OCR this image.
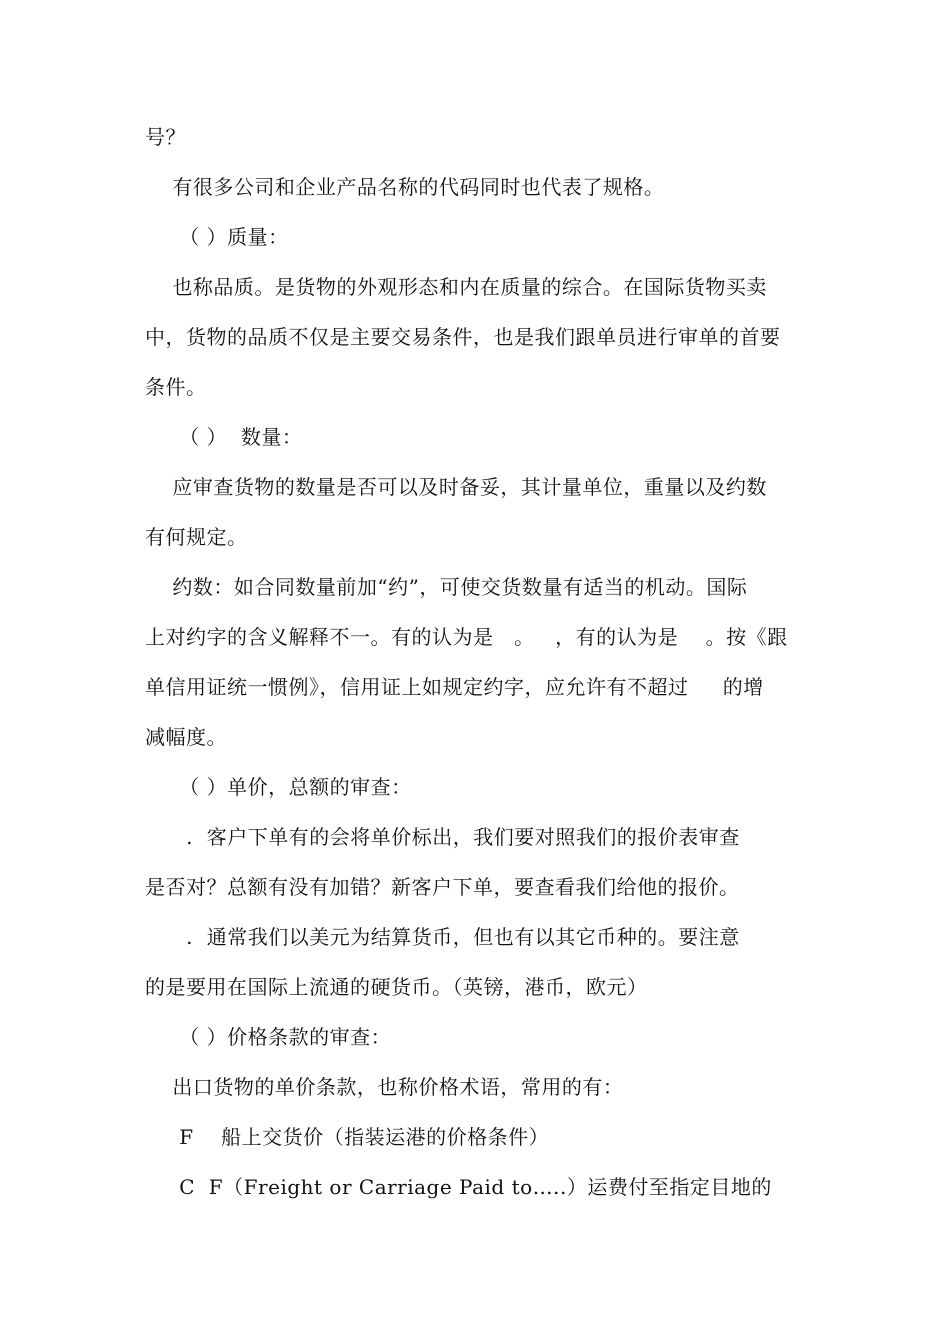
号？
有很多公司和企业产品名称的代码同时也代表了规格。
（ ）质量：
也称品质。是货物的外观形态和内在质量的综合。在国际货物买卖
中，货物的品质不仅是主要交易条件，也是我们跟单员进行审单的首要
条件。
（ ）  数量：
应审查货物的数量是否可以及时备妥，其计量单位，重量以及约数
有何规定。
约数：如合同数量前加“约”，可使交货数量有适当的机动。国际
上对约字的含义解释不一。有的认为是   。   ，有的认为是    。按《跟
单信用证统一惯例》，信用证上如规定约字，应允许有不超过     的增
减幅度。
（ ）单价，总额的审查：
.  客户下单有的会将单价标出，我们要对照我们的报价表审查
是否对？总额有没有加错？新客户下单，要查看我们给他的报价。
.  通常我们以美元为结算货币，但也有以其它币种的。要注意
的是要用在国际上流通的硬货币。（英镑，港币，欧元）
（ ）价格条款的审查：
出口货物的单价条款，也称价格术语，常用的有：
F    船上交货价（指装运港的价格条件）
C  F（Freight or Carriage Paid to…..）运费付至指定目地的
